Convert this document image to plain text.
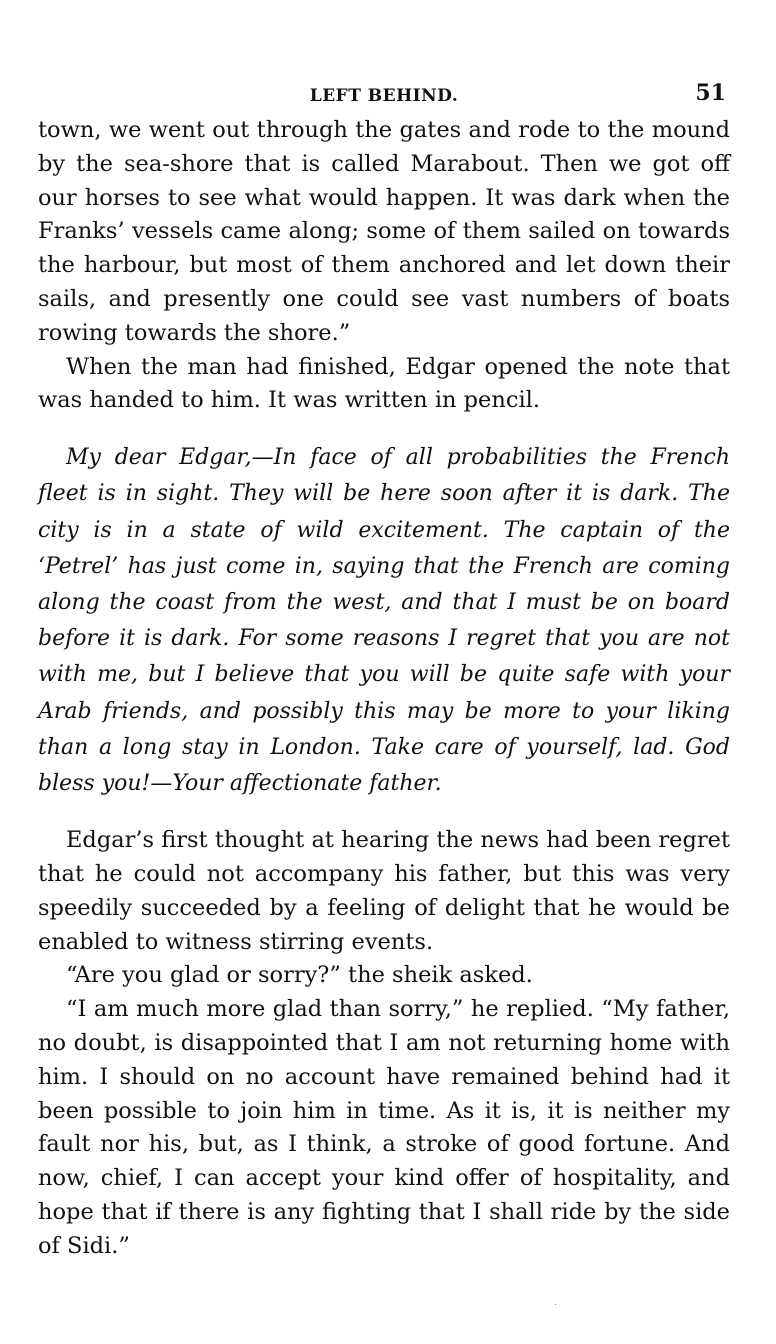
LEFT BEHIND.	51

town, we went out through the gates and rode to the mound by the sea-shore that is called Marabout. Then we got off our horses to see what would happen. It was dark when the Franks’ vessels came along; some of them sailed on towards the harbour, but most of them anchored and let down their sails, and presently one could see vast numbers of boats rowing towards the shore.”

When the man had finished, Edgar opened the note that was handed to him. It was written in pencil.

My dear Edgar,—In face of all probabilities the French fleet is in sight. They will be here soon after it is dark. The city is in a state of wild excitement. The captain of the ‘Petrel’ has just come in, saying that the French are coming along the coast from the west, and that I must be on board before it is dark. For some reasons I regret that you are not with me, but I believe that you will be quite safe with your Arab friends, and possibly this may be more to your liking than a long stay in London. Take care of yourself, lad. God bless you!—Your affectionate father.

Edgar’s first thought at hearing the news had been regret that he could not accompany his father, but this was very speedily succeeded by a feeling of delight that he would be enabled to witness stirring events.

“Are you glad or sorry?” the sheik asked.

“I am much more glad than sorry,” he replied. “My father, no doubt, is disappointed that I am not returning home with him. I should on no account have remained behind had it been possible to join him in time. As it is, it is neither my fault nor his, but, as I think, a stroke of good fortune. And now, chief, I can accept your kind offer of hospitality, and hope that if there is any fighting that I shall ride by the side of Sidi.”

·
